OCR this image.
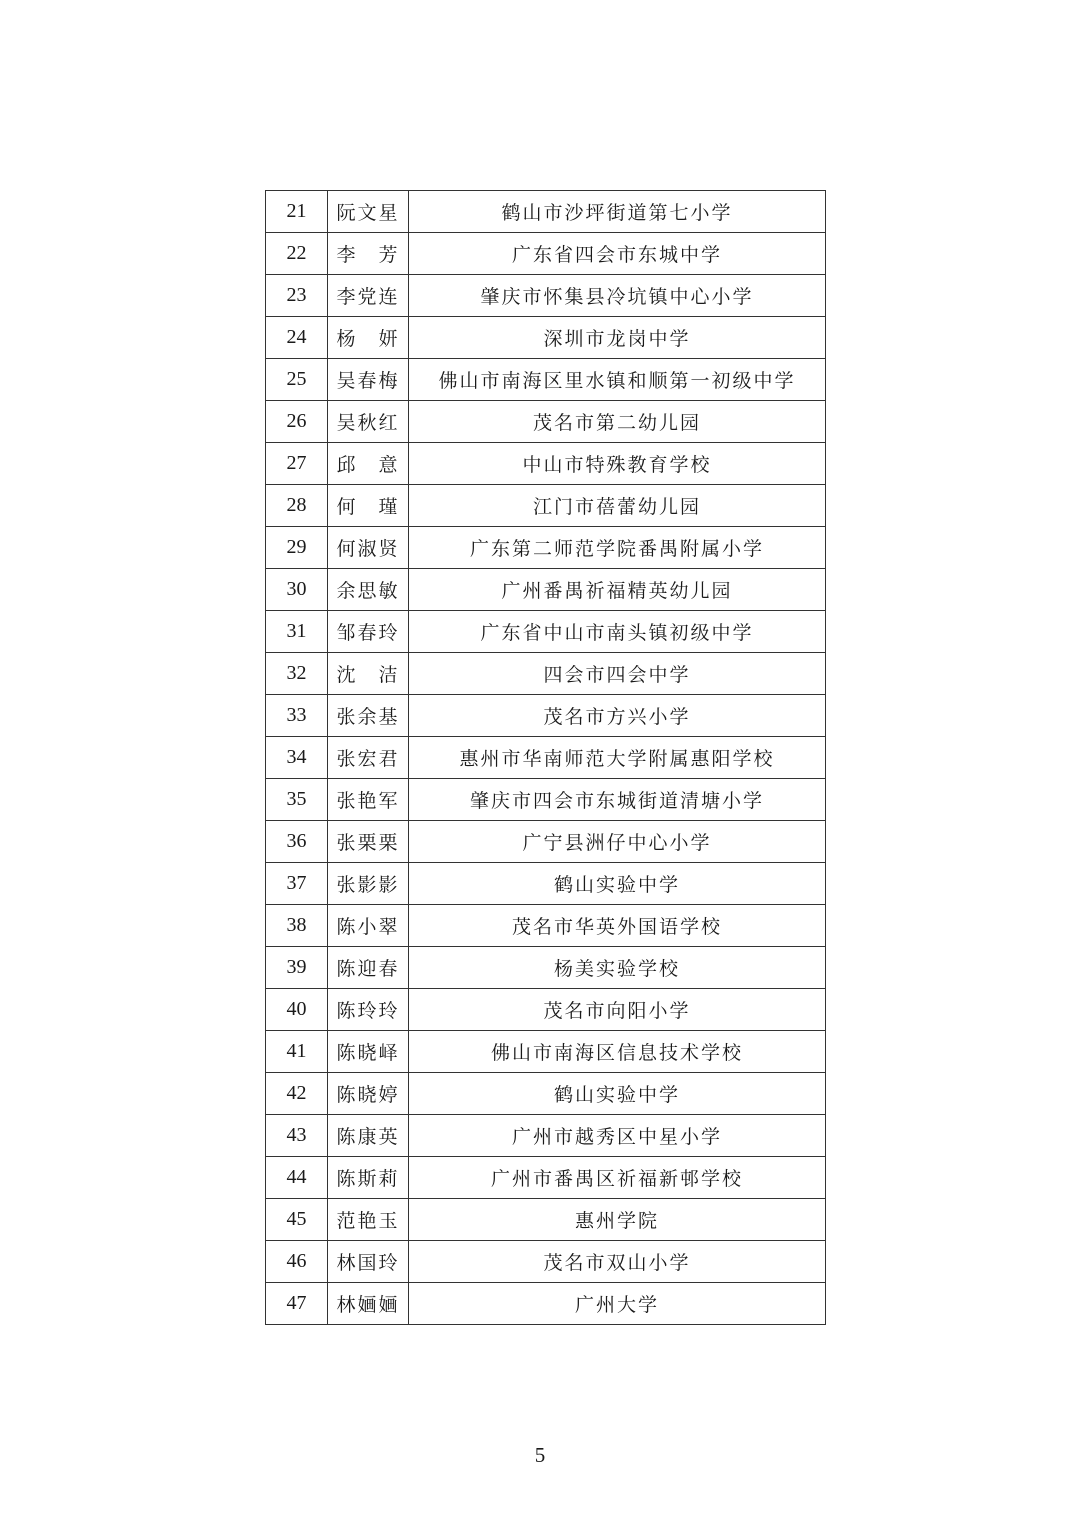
21	阮文星	鹤山市沙坪街道第七小学
22	李　芳	广东省四会市东城中学
23	李党连	肇庆市怀集县冷坑镇中心小学
24	杨　妍	深圳市龙岗中学
25	吴春梅	佛山市南海区里水镇和顺第一初级中学
26	吴秋红	茂名市第二幼儿园
27	邱　意	中山市特殊教育学校
28	何　瑾	江门市蓓蕾幼儿园
29	何淑贤	广东第二师范学院番禺附属小学
30	余思敏	广州番禺祈福精英幼儿园
31	邹春玲	广东省中山市南头镇初级中学
32	沈　洁	四会市四会中学
33	张余基	茂名市方兴小学
34	张宏君	惠州市华南师范大学附属惠阳学校
35	张艳军	肇庆市四会市东城街道清塘小学
36	张栗栗	广宁县洲仔中心小学
37	张影影	鹤山实验中学
38	陈小翠	茂名市华英外国语学校
39	陈迎春	杨美实验学校
40	陈玲玲	茂名市向阳小学
41	陈晓峄	佛山市南海区信息技术学校
42	陈晓婷	鹤山实验中学
43	陈康英	广州市越秀区中星小学
44	陈斯莉	广州市番禺区祈福新邨学校
45	范艳玉	惠州学院
46	林国玲	茂名市双山小学
47	林婳婳	广州大学
5
